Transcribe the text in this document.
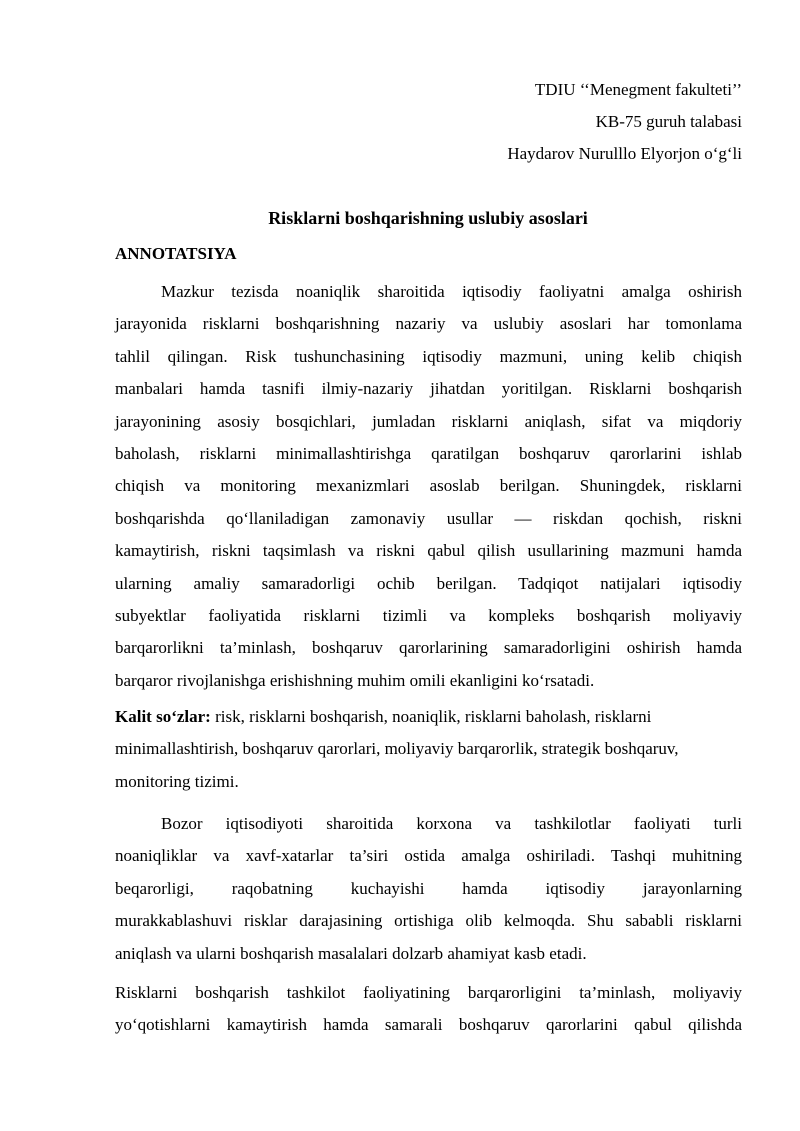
TDIU ‘‘Menegment fakulteti’’
KB-75 guruh talabasi
Haydarov Nurulllo Elyorjon o‘g‘li
Risklarni boshqarishning uslubiy asoslari
ANNOTATSIYA
Mazkur tezisda noaniqlik sharoitida iqtisodiy faoliyatni amalga oshirish
jarayonida risklarni boshqarishning nazariy va uslubiy asoslari har tomonlama
tahlil qilingan. Risk tushunchasining iqtisodiy mazmuni, uning kelib chiqish
manbalari hamda tasnifi ilmiy-nazariy jihatdan yoritilgan. Risklarni boshqarish
jarayonining asosiy bosqichlari, jumladan risklarni aniqlash, sifat va miqdoriy
baholash, risklarni minimallashtirishga qaratilgan boshqaruv qarorlarini ishlab
chiqish va monitoring mexanizmlari asoslab berilgan. Shuningdek, risklarni
boshqarishda qo‘llaniladigan zamonaviy usullar — riskdan qochish, riskni
kamaytirish, riskni taqsimlash va riskni qabul qilish usullarining mazmuni hamda
ularning amaliy samaradorligi ochib berilgan. Tadqiqot natijalari iqtisodiy
subyektlar faoliyatida risklarni tizimli va kompleks boshqarish moliyaviy
barqarorlikni ta’minlash, boshqaruv qarorlarining samaradorligini oshirish hamda
barqaror rivojlanishga erishishning muhim omili ekanligini ko‘rsatadi.
Kalit so‘zlar: risk, risklarni boshqarish, noaniqlik, risklarni baholash, risklarni
minimallashtirish, boshqaruv qarorlari, moliyaviy barqarorlik, strategik boshqaruv,
monitoring tizimi.
Bozor iqtisodiyoti sharoitida korxona va tashkilotlar faoliyati turli
noaniqliklar va xavf-xatarlar ta’siri ostida amalga oshiriladi. Tashqi muhitning
beqarorligi, raqobatning kuchayishi hamda iqtisodiy jarayonlarning
murakkablashuvi risklar darajasining ortishiga olib kelmoqda. Shu sababli risklarni
aniqlash va ularni boshqarish masalalari dolzarb ahamiyat kasb etadi.
Risklarni boshqarish tashkilot faoliyatining barqarorligini ta’minlash, moliyaviy
yo‘qotishlarni kamaytirish hamda samarali boshqaruv qarorlarini qabul qilishda
